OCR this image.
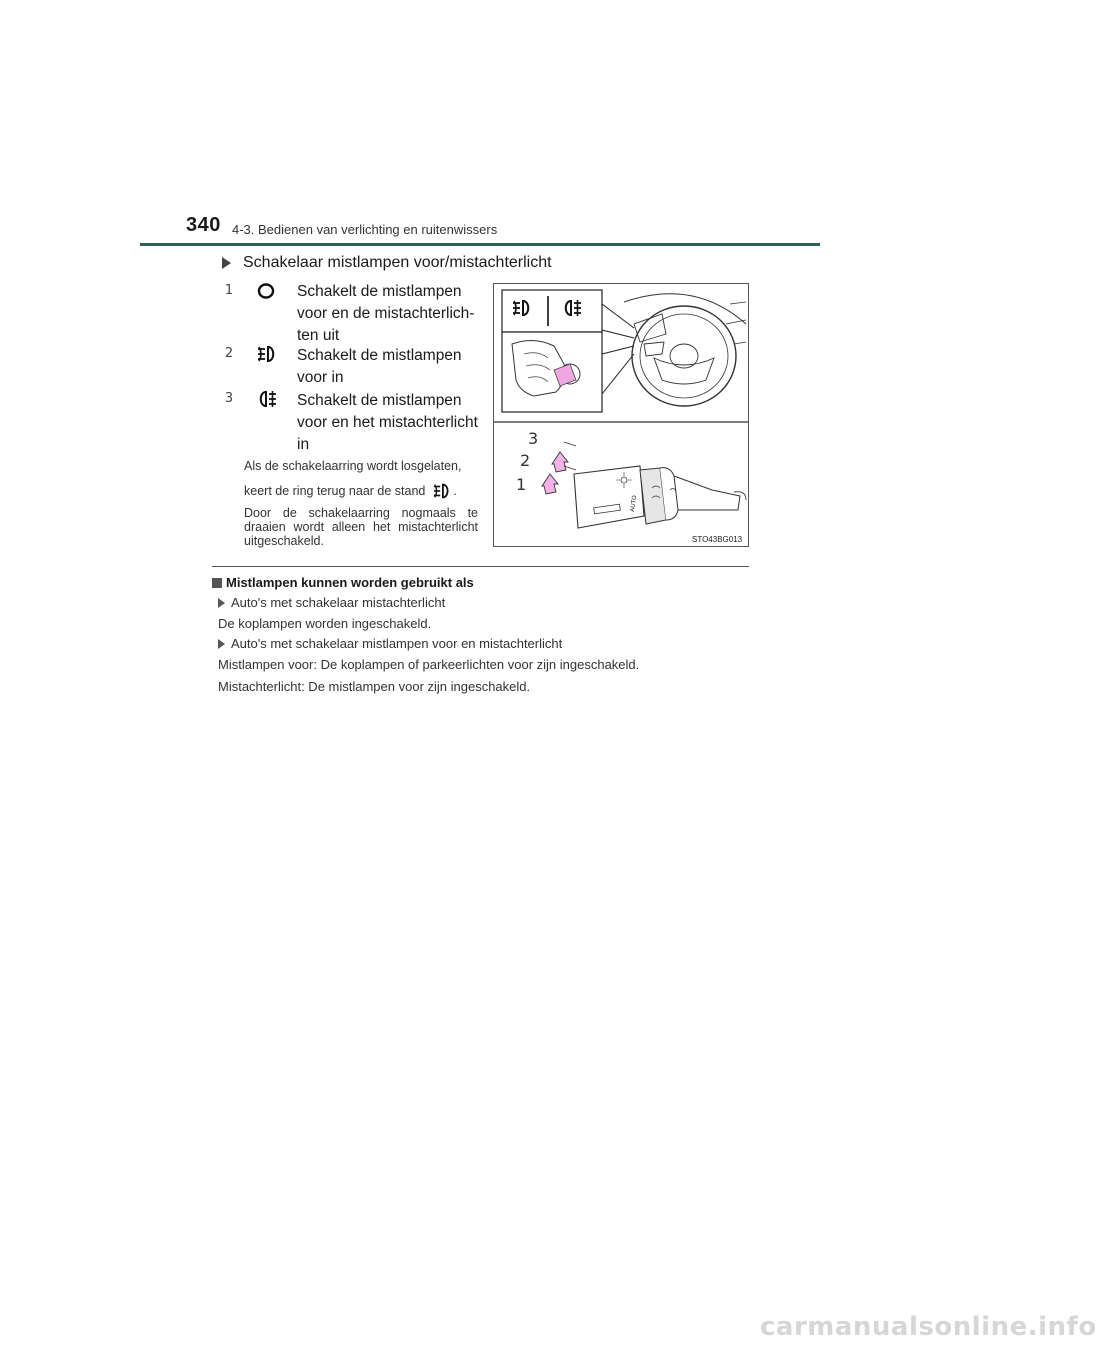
340 4-3. Bedienen van verlichting en ruitenwissers
Schakelaar mistlampen voor/mistachterlicht
1	Schakelt de mistlampen
voor en de mistachterlich-
ten uit
2	Schakelt de mistlampen
voor in
3	Schakelt de mistlampen
voor en het mistachterlicht
in
Als de schakelaarring wordt losgelaten,
keert de ring terug naar de stand .
Door de schakelaarring nogmaals te draaien wordt alleen het mistachterlicht uitgeschakeld.
AUTO
3
2
1
STO43BG013
Mistlampen kunnen worden gebruikt als
Auto's met schakelaar mistachterlicht
De koplampen worden ingeschakeld.
Auto's met schakelaar mistlampen voor en mistachterlicht
Mistlampen voor: De koplampen of parkeerlichten voor zijn ingeschakeld.
Mistachterlicht: De mistlampen voor zijn ingeschakeld.
carmanualsonline.info
